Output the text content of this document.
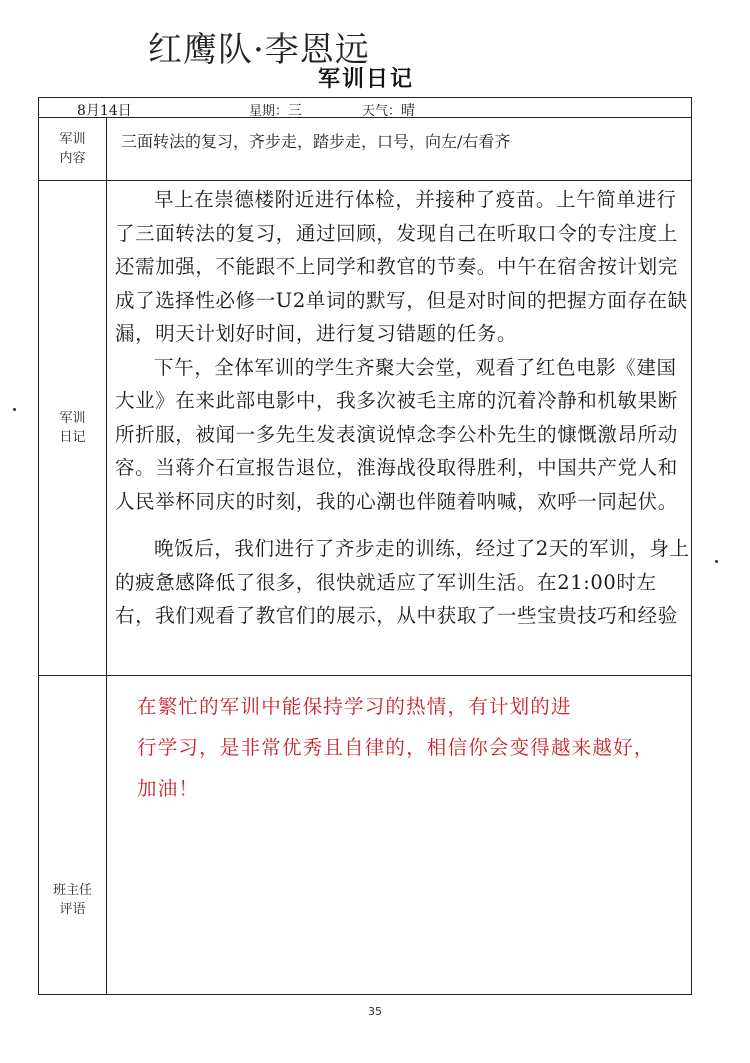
红鹰队·李恩远
军训日记
8月14日	星期：三	天气：晴
军训
内容
三面转法的复习，齐步走，踏步走，口号，向左/右看齐
军训
日记

早上在崇德楼附近进行体检，并接种了疫苗。上午简单进行了三面转法的复习，通过回顾，发现自己在听取口令的专注度上还需加强，不能跟不上同学和教官的节奏。中午在宿舍按计划完成了选择性必修一U2单词的默写，但是对时间的把握方面存在缺漏，明天计划好时间，进行复习错题的任务。

下午，全体军训的学生齐聚大会堂，观看了红色电影《建国大业》在来此部电影中，我多次被毛主席的沉着冷静和机敏果断所折服，被闻一多先生发表演说悼念李公朴先生的慷慨激昂所动容。当蒋介石宣报告退位，淮海战役取得胜利，中国共产党人和人民举杯同庆的时刻，我的心潮也伴随着呐喊，欢呼一同起伏。

晚饭后，我们进行了齐步走的训练，经过了2天的军训，身上的疲惫感降低了很多，很快就适应了军训生活。在21:00时左右，我们观看了教官们的展示，从中获取了一些宝贵技巧和经验

班主任
评语

在繁忙的军训中能保持学习的热情，有计划的进

行学习，是非常优秀且自律的，相信你会变得越来越好，

加油！

35
